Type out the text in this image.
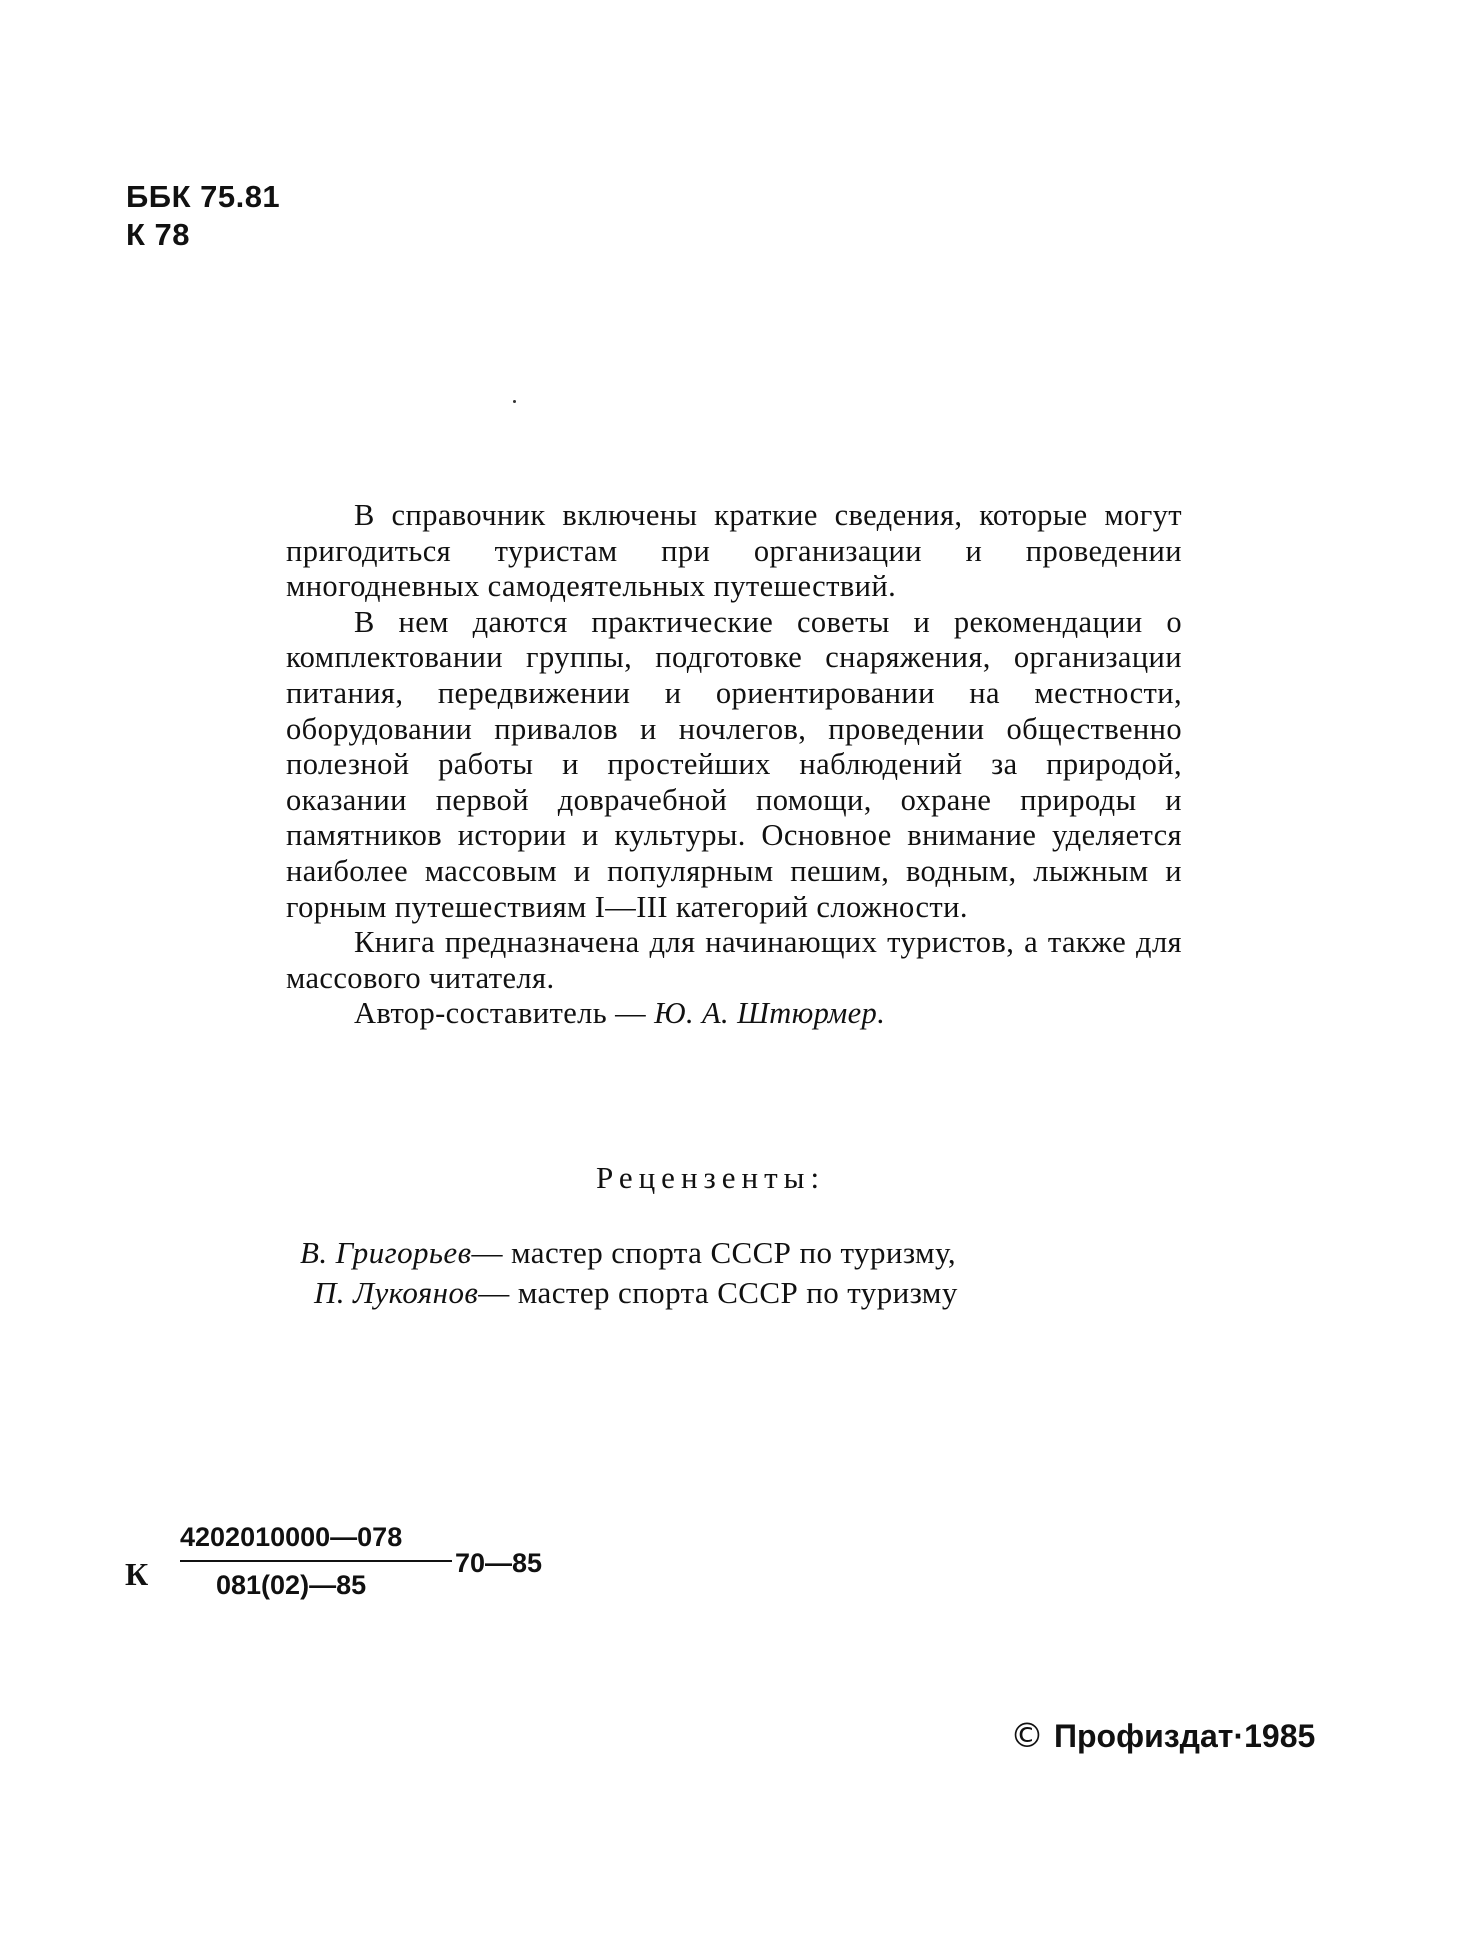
ББК 75.81
К 78

В справочник включены краткие сведения, которые могут пригодиться туристам при организации и проведении многодневных самодеятельных путешествий.

В нем даются практические советы и рекомендации о комплектовании группы, подготовке снаряжения, организации питания, передвижении и ориентировании на местности, оборудовании привалов и ночлегов, проведении общественно полезной работы и простейших наблюдений за природой, оказании первой доврачебной помощи, охране природы и памятников истории и культуры. Основное внимание уделяется наиболее массовым и популярным пешим, водным, лыжным и горным путешествиям I—III категорий сложности.

Книга предназначена для начинающих туристов, а также для массового читателя.

Автор-составитель — Ю. А. Штюрмер.
Рецензенты:
В. Григорьев— мастер спорта СССР по туризму,
П. Лукоянов— мастер спорта СССР по туризму
К
4202010000—078
081(02)—85
70—85
© Профиздат·1985
